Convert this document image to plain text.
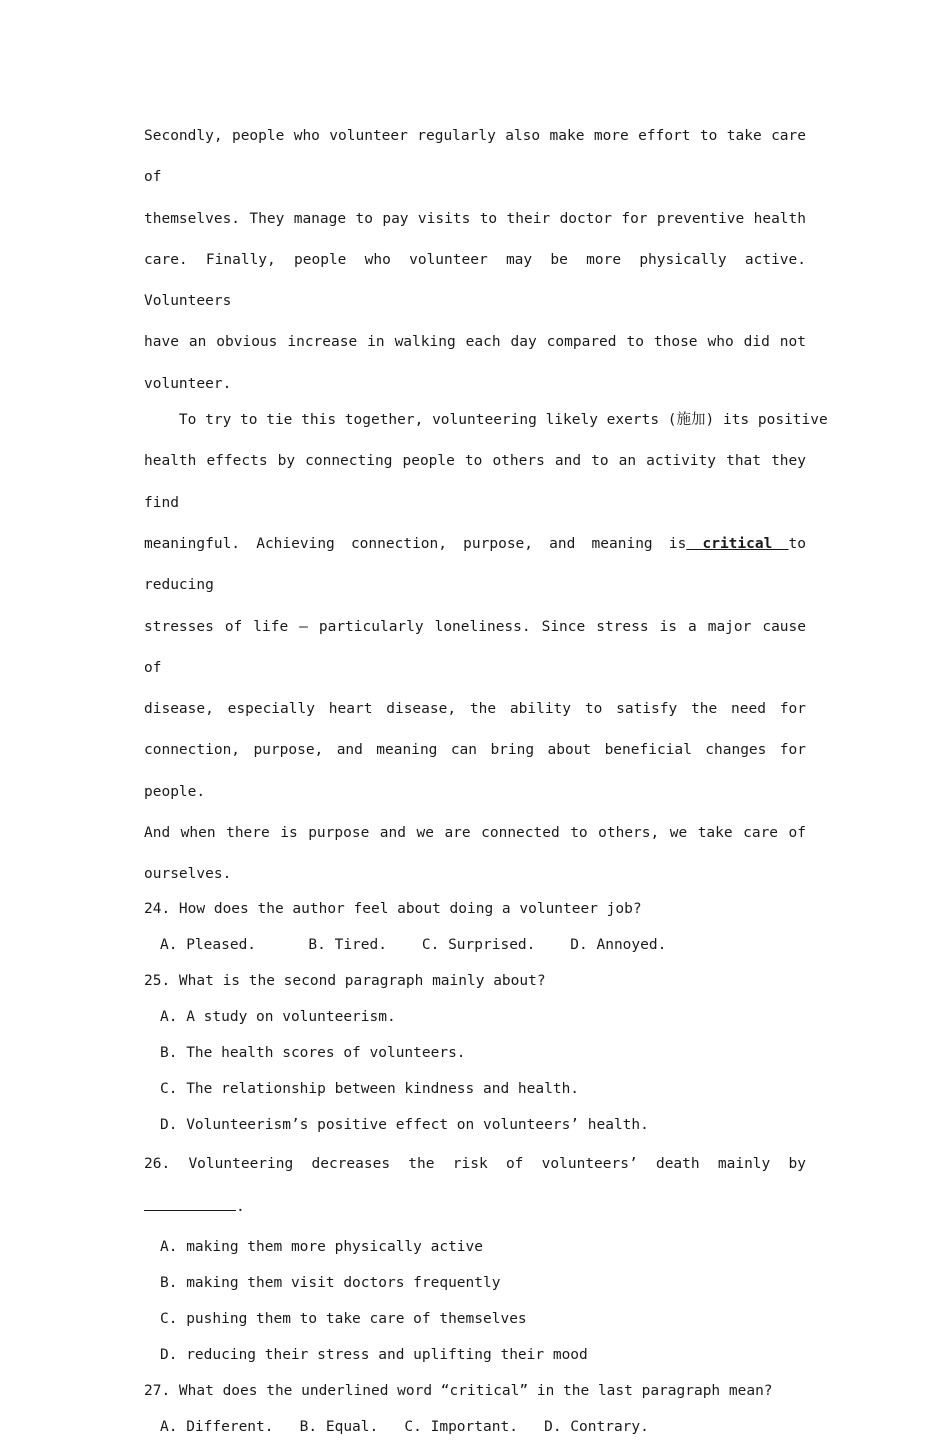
Secondly, people who volunteer regularly also make more effort to take care of
themselves. They manage to pay visits to their doctor for preventive health
care. Finally, people who volunteer may be more physically active. Volunteers
have an obvious increase in walking each day compared to those who did not
volunteer.
To try to tie this together, volunteering likely exerts (施加) its positive
health effects by connecting people to others and to an activity that they find
meaningful. Achieving connection, purpose, and meaning is critical to reducing
stresses of life — particularly loneliness. Since stress is a major cause of
disease, especially heart disease, the ability to satisfy the need for
connection, purpose, and meaning can bring about beneficial changes for people.
And when there is purpose and we are connected to others, we take care of
ourselves.

24. How does the author feel about doing a volunteer job?

A. Pleased.      B. Tired.    C. Surprised.    D. Annoyed.

25. What is the second paragraph mainly about?

A. A study on volunteerism.

B. The health scores of volunteers.

C. The relationship between kindness and health.

D. Volunteerism’s positive effect on volunteers’ health.

26. Volunteering decreases the risk of volunteers’ death mainly by
.

A. making them more physically active

B. making them visit doctors frequently

C. pushing them to take care of themselves

D. reducing their stress and uplifting their mood

27. What does the underlined word “critical” in the last paragraph mean?

A. Different.   B. Equal.   C. Important.   D. Contrary.
